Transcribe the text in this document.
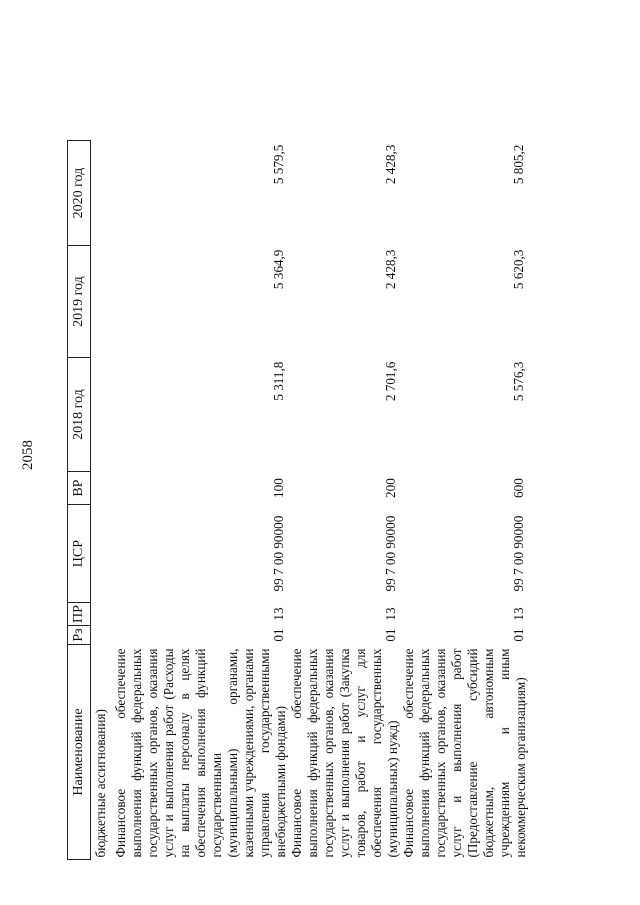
2058
Наименование	Рз	ПР	ЦСР	ВР	2018 год	2019 год	2020 год
бюджетные ассигнования)							
Финансовое обеспечение выполнения функций федеральных государственных органов, оказания услуг и выполнения работ (Расходы на выплаты персоналу в целях обеспечения выполнения функций государственными (муниципальными) органами, казенными учреждениями, органами управления государственными внебюджетными фондами)	01	13	99 7 00 90000	100	5 311,8	5 364,9	5 579,5
Финансовое обеспечение выполнения функций федеральных государственных органов, оказания услуг и выполнения работ (Закупка товаров, работ и услуг для обеспечения государственных (муниципальных) нужд)	01	13	99 7 00 90000	200	2 701,6	2 428,3	2 428,3
Финансовое обеспечение выполнения функций федеральных государственных органов, оказания услуг и выполнения работ (Предоставление субсидий бюджетным, автономным учреждениям и иным некоммерческим организациям)	01	13	99 7 00 90000	600	5 576,3	5 620,3	5 805,2
